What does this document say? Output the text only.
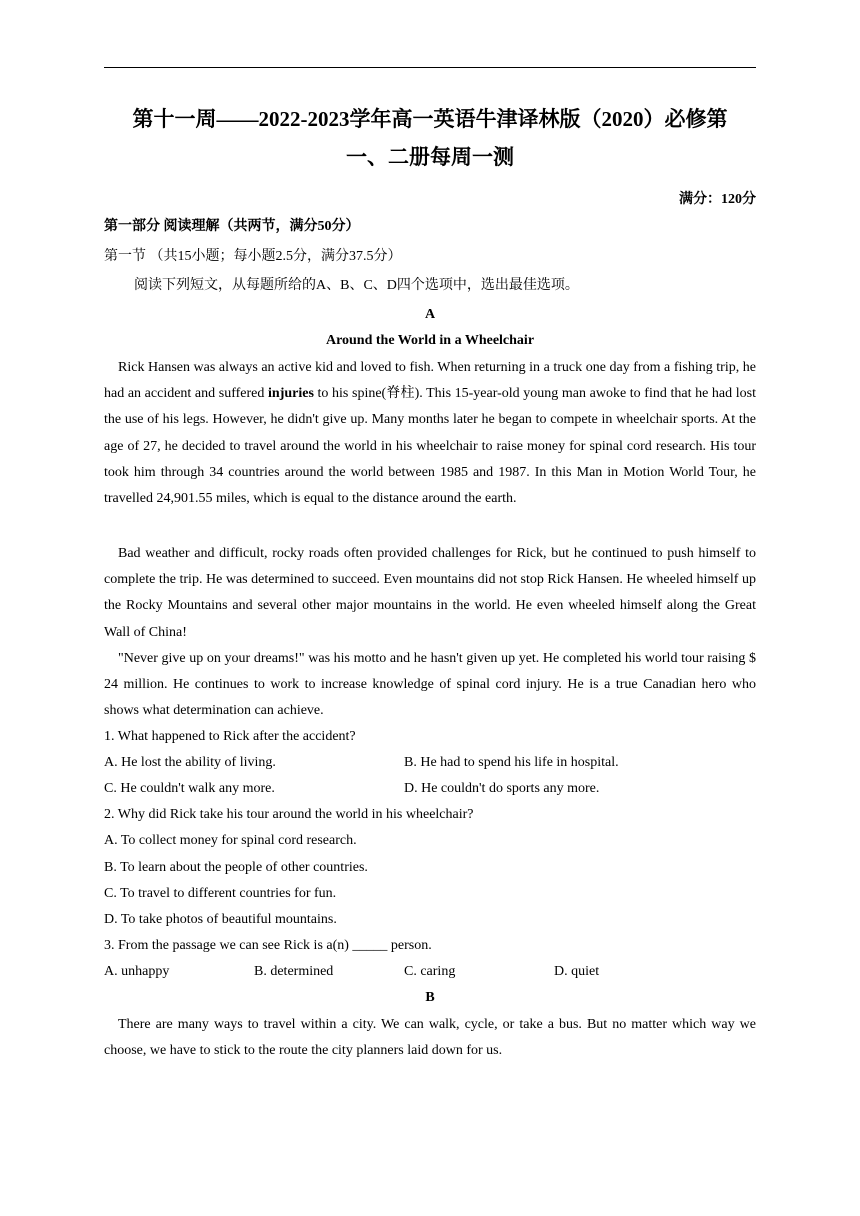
第十一周——2022-2023学年高一英语牛津译林版（2020）必修第
一、二册每周一测
满分：120分
第一部分 阅读理解（共两节，满分50分）
第一节 （共15小题；每小题2.5分，满分37.5分）
阅读下列短文，从每题所给的A、B、C、D四个选项中，选出最佳选项。
A
Around the World in a Wheelchair
Rick Hansen was always an active kid and loved to fish. When returning in a truck one day from a fishing trip, he had an accident and suffered injuries to his spine(脊柱). This 15-year-old young man awoke to find that he had lost the use of his legs. However, he didn't give up. Many months later he began to compete in wheelchair sports. At the age of 27, he decided to travel around the world in his wheelchair to raise money for spinal cord research. His tour took him through 34 countries around the world between 1985 and 1987. In this Man in Motion World Tour, he travelled 24,901.55 miles, which is equal to the distance around the earth.
Bad weather and difficult, rocky roads often provided challenges for Rick, but he continued to push himself to complete the trip. He was determined to succeed. Even mountains did not stop Rick Hansen. He wheeled himself up the Rocky Mountains and several other major mountains in the world. He even wheeled himself along the Great Wall of China!
"Never give up on your dreams!" was his motto and he hasn't given up yet. He completed his world tour raising $ 24 million. He continues to work to increase knowledge of spinal cord injury. He is a true Canadian hero who shows what determination can achieve.
1. What happened to Rick after the accident?
A. He lost the ability of living.	B. He had to spend his life in hospital.
C. He couldn't walk any more.	D. He couldn't do sports any more.
2. Why did Rick take his tour around the world in his wheelchair?
A. To collect money for spinal cord research.
B. To learn about the people of other countries.
C. To travel to different countries for fun.
D. To take photos of beautiful mountains.
3. From the passage we can see Rick is a(n) _____ person.
A. unhappy	B. determined	C. caring	D. quiet
B
There are many ways to travel within a city. We can walk, cycle, or take a bus. But no matter which way we choose, we have to stick to the route the city planners laid down for us.
